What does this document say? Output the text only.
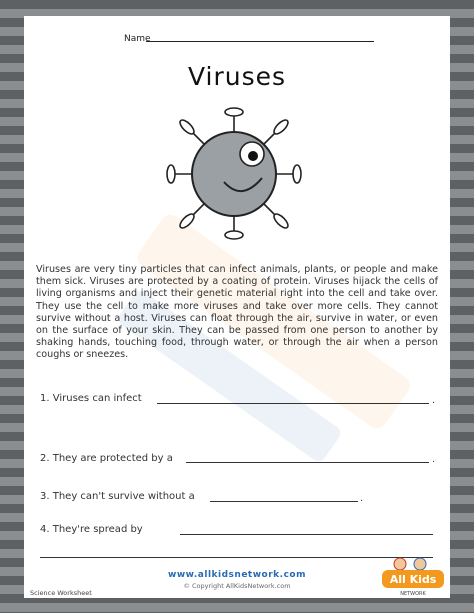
Name
Viruses
Viruses are very tiny particles that can infect animals, plants, or people and make them sick. Viruses are protected by a coating of protein. Viruses hijack the cells of living organisms and inject their genetic material right into the cell and take over. They use the cell to make more viruses and take over more cells. They cannot survive without a host. Viruses can float through the air, survive in water, or even on the surface of your skin. They can be passed from one person to another by shaking hands, touching food, through water, or through the air when a person coughs or sneezes.
1. Viruses can infect	.
2. They are protected by a	.
3. They can't survive without a	.
4. They're spread by
www.allkidsnetwork.com
© Copyright AllKidsNetwork.com
Science Worksheet
All Kids
NETWORK
